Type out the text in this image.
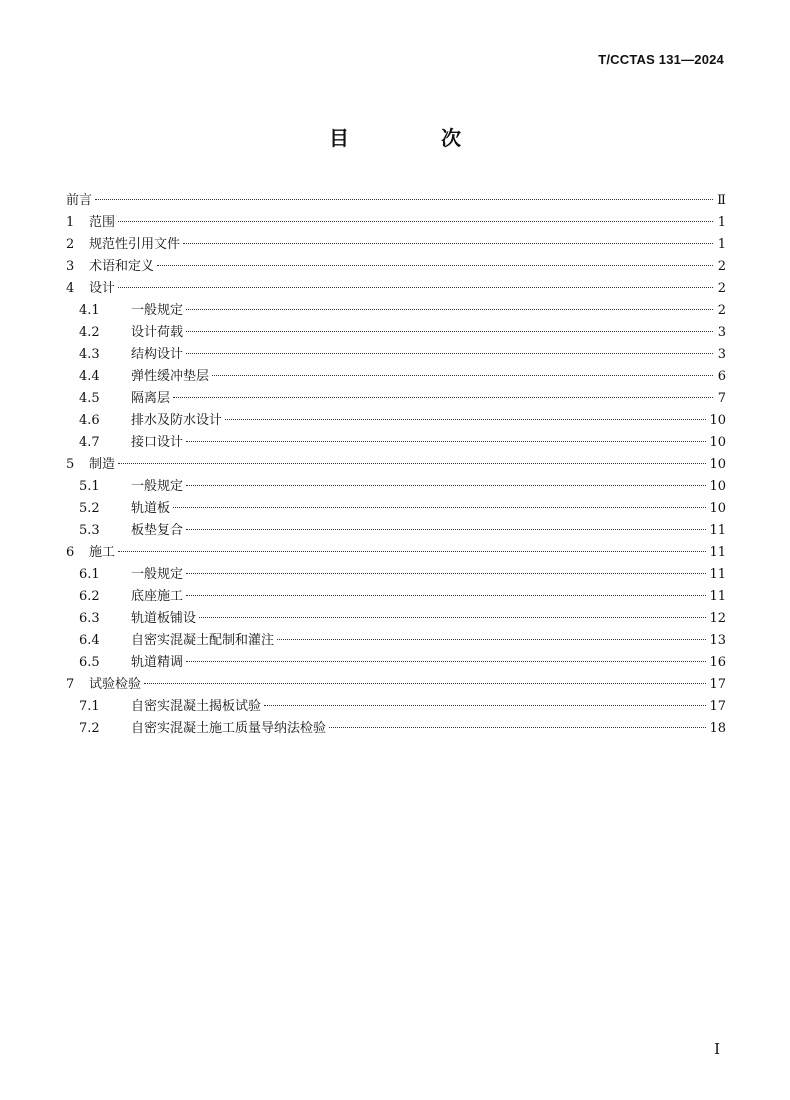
T/CCTAS 131—2024
目　次
前言	Ⅱ
1	范围	1
2	规范性引用文件	1
3	术语和定义	2
4	设计	2
4.1	一般规定	2
4.2	设计荷载	3
4.3	结构设计	3
4.4	弹性缓冲垫层	6
4.5	隔离层	7
4.6	排水及防水设计	10
4.7	接口设计	10
5	制造	10
5.1	一般规定	10
5.2	轨道板	10
5.3	板垫复合	11
6	施工	11
6.1	一般规定	11
6.2	底座施工	11
6.3	轨道板铺设	12
6.4	自密实混凝土配制和灌注	13
6.5	轨道精调	16
7	试验检验	17
7.1	自密实混凝土揭板试验	17
7.2	自密实混凝土施工质量导纳法检验	18
I
